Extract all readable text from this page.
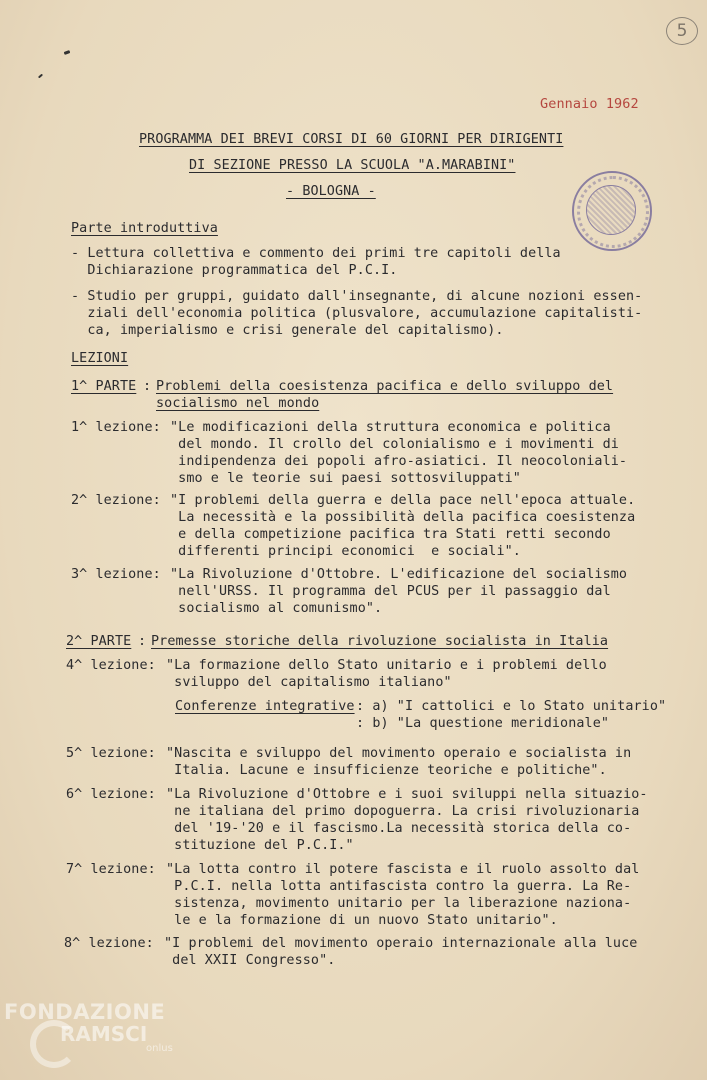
5
Gennaio 1962
PROGRAMMA DEI BREVI CORSI DI 60 GIORNI PER DIRIGENTI
DI SEZIONE PRESSO LA SCUOLA "A.MARABINI"
- BOLOGNA -
Parte introduttiva
- Lettura collettiva e commento dei primi tre capitoli della
Dichiarazione programmatica del P.C.I.
- Studio per gruppi, guidato dall'insegnante, di alcune nozioni essen-
ziali dell'economia politica (plusvalore, accumulazione capitalisti-
ca, imperialismo e crisi generale del capitalismo).
LEZIONI
1^ PARTE : Problemi della coesistenza pacifica e dello sviluppo del
socialismo nel mondo
1^ lezione: "Le modificazioni della struttura economica e politica
del mondo. Il crollo del colonialismo e i movimenti di
indipendenza dei popoli afro-asiatici. Il neocoloniali-
smo e le teorie sui paesi sottosviluppati"
2^ lezione: "I problemi della guerra e della pace nell'epoca attuale.
La necessità e la possibilità della pacifica coesistenza
e della competizione pacifica tra Stati retti secondo
differenti principi economici  e sociali".
3^ lezione: "La Rivoluzione d'Ottobre. L'edificazione del socialismo
nell'URSS. Il programma del PCUS per il passaggio dal
socialismo al comunismo".
2^ PARTE : Premesse storiche della rivoluzione socialista in Italia
4^ lezione: "La formazione dello Stato unitario e i problemi dello
sviluppo del capitalismo italiano"
Conferenze integrative : a) "I cattolici e lo Stato unitario"
: b) "La questione meridionale"
5^ lezione: "Nascita e sviluppo del movimento operaio e socialista in
Italia. Lacune e insufficienze teoriche e politiche".
6^ lezione: "La Rivoluzione d'Ottobre e i suoi sviluppi nella situazio-
ne italiana del primo dopoguerra. La crisi rivoluzionaria
del '19-'20 e il fascismo.La necessità storica della co-
stituzione del P.C.I."
7^ lezione: "La lotta contro il potere fascista e il ruolo assolto dal
P.C.I. nella lotta antifascista contro la guerra. La Re-
sistenza, movimento unitario per la liberazione naziona-
le e la formazione di un nuovo Stato unitario".
8^ lezione: "I problemi del movimento operaio internazionale alla luce
del XXII Congresso".
FONDAZIONE
RAMSCI
onlus
